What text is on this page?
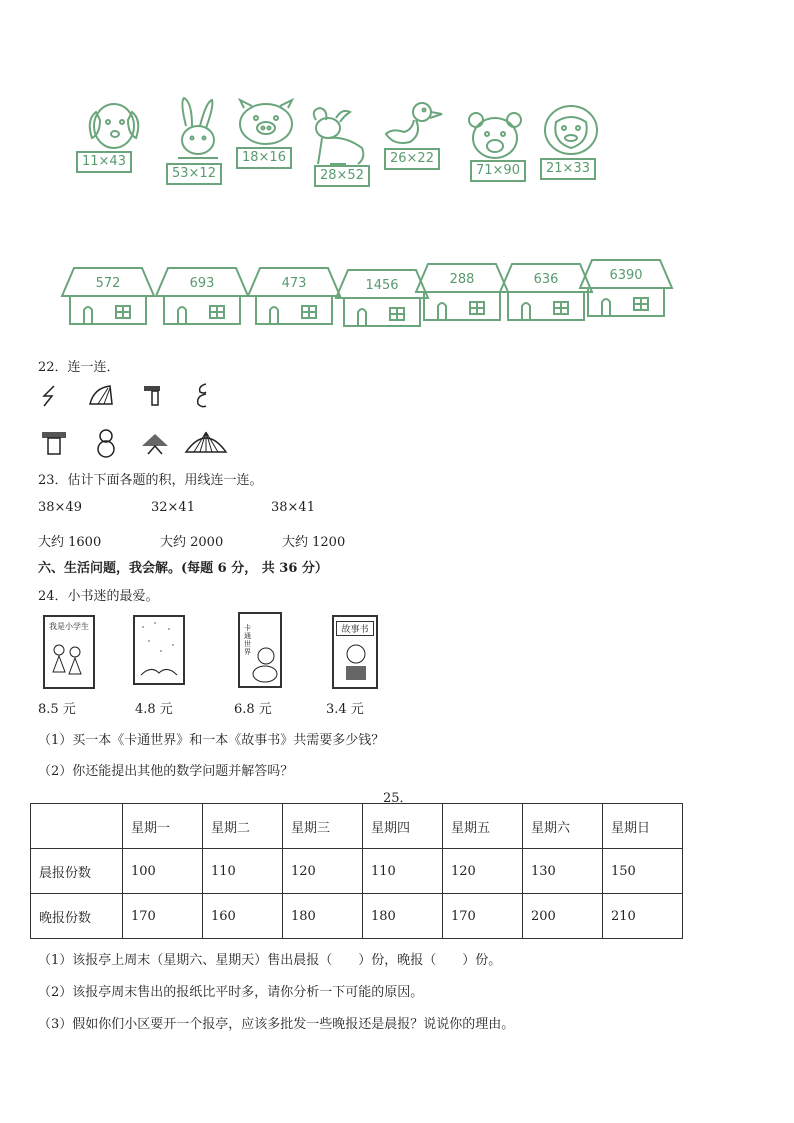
11×43
53×12
18×16
28×52
26×22
71×90	21×33
572	693	473	1456	288	636	6390
22．连一连．
23．估计下面各题的积，用线连一连。
38×49	32×41	38×41
大约 1600	大约 2000	大约 1200
六、生活问题，我会解。(每题 6 分， 共 36 分）
24．小书迷的最爱。
我是小学生	卡通世界
故事书
8.5 元	4.8 元	6.8 元	3.4 元
（1）买一本《卡通世界》和一本《故事书》共需要多少钱？
（2）你还能提出其他的数学问题并解答吗？
25．
	星期一	星期二	星期三	星期四	星期五	星期六	星期日
晨报份数	100	110	120	110	120	130	150
晚报份数	170	160	180	180	170	200	210
（1）该报亭上周末（星期六、星期天）售出晨报（　　）份，晚报（　　）份。
（2）该报亭周末售出的报纸比平时多，请你分析一下可能的原因。
（3）假如你们小区要开一个报亭，应该多批发一些晚报还是晨报？说说你的理由。
